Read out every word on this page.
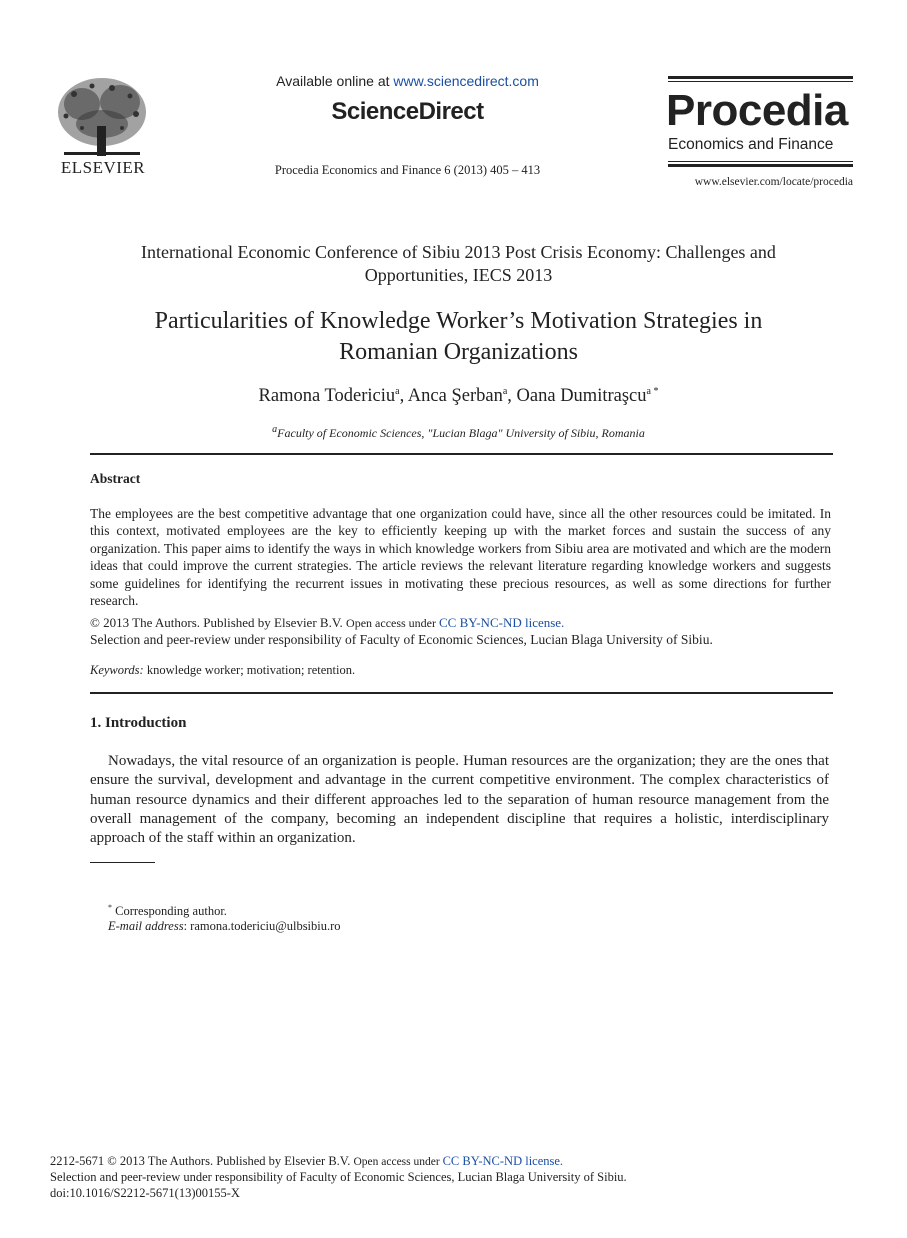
ELSEVIER
Available online at www.sciencedirect.com
ScienceDirect
Procedia Economics and Finance 6 (2013) 405 – 413
Procedia
Economics and Finance
www.elsevier.com/locate/procedia
International Economic Conference of Sibiu 2013 Post Crisis Economy: Challenges and
Opportunities, IECS 2013
Particularities of Knowledge Worker’s Motivation Strategies in
Romanian Organizations
Ramona Todericiu$^a$, Anca Şerban$^a$, Oana Dumitraşcu$^{a *}$
$^a$Faculty of Economic Sciences, "Lucian Blaga" University of Sibiu, Romania
Abstract
The employees are the best competitive advantage that one organization could have, since all the other resources could be imitated. In this context, motivated employees are the key to efficiently keeping up with the market forces and sustain the success of any organization. This paper aims to identify the ways in which knowledge workers from Sibiu area are motivated and which are the modern ideas that could improve the current strategies. The article reviews the relevant literature regarding knowledge workers and suggests some guidelines for identifying the recurrent issues in motivating these precious resources, as well as some directions for further research.
© 2013 The Authors. Published by Elsevier B.V. Open access under CC BY-NC-ND license.
Selection and peer-review under responsibility of Faculty of Economic Sciences, Lucian Blaga University of Sibiu.
Keywords: knowledge worker; motivation; retention.
1. Introduction
Nowadays, the vital resource of an organization is people. Human resources are the organization; they are the ones that ensure the survival, development and advantage in the current competitive environment. The complex characteristics of human resource dynamics and their different approaches led to the separation of human resource management from the overall management of the company, becoming an independent discipline that requires a holistic, interdisciplinary approach of the staff within an organization.
* Corresponding author.
E-mail address: ramona.todericiu@ulbsibiu.ro
2212-5671 © 2013 The Authors. Published by Elsevier B.V. Open access under CC BY-NC-ND license.
Selection and peer-review under responsibility of Faculty of Economic Sciences, Lucian Blaga University of Sibiu.
doi:10.1016/S2212-5671(13)00155-X
